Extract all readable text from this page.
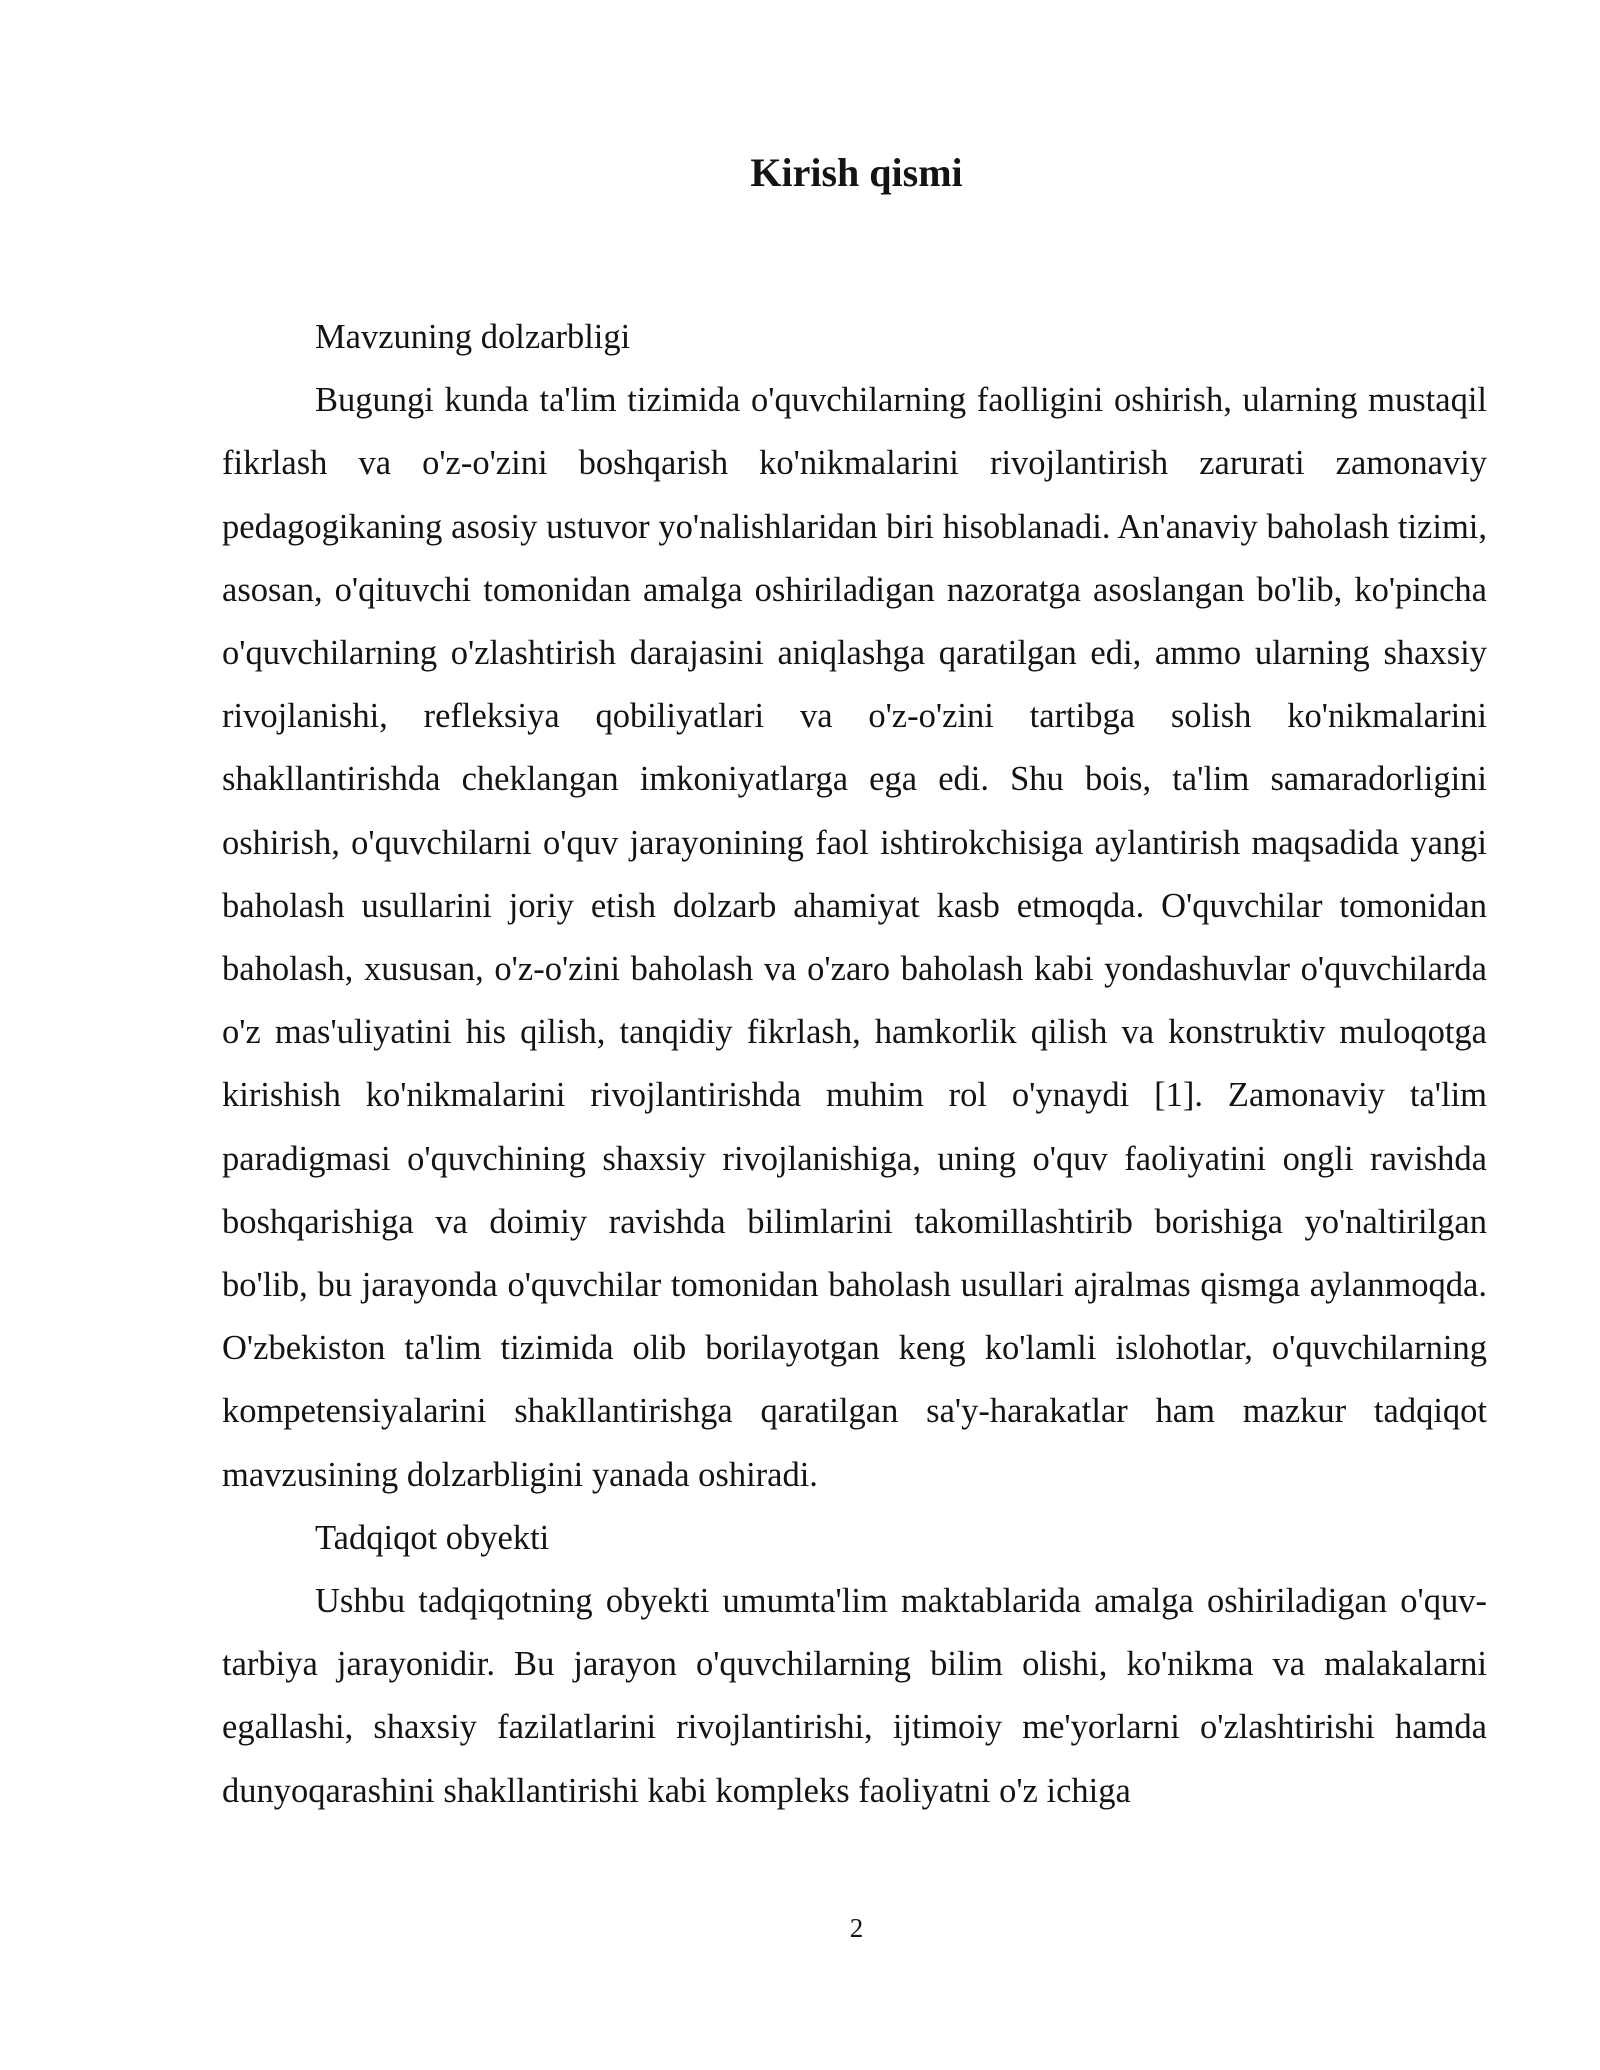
Kirish qismi

Mavzuning dolzarbligi

Bugungi kunda ta'lim tizimida o'quvchilarning faolligini oshirish, ularning mustaqil fikrlash va o'z-o'zini boshqarish ko'nikmalarini rivojlantirish zarurati zamonaviy pedagogikaning asosiy ustuvor yo'nalishlaridan biri hisoblanadi. An'anaviy baholash tizimi, asosan, o'qituvchi tomonidan amalga oshiriladigan nazoratga asoslangan bo'lib, ko'pincha o'quvchilarning o'zlashtirish darajasini aniqlashga qaratilgan edi, ammo ularning shaxsiy rivojlanishi, refleksiya qobiliyatlari va o'z-o'zini tartibga solish ko'nikmalarini shakllantirishda cheklangan imkoniyatlarga ega edi. Shu bois, ta'lim samaradorligini oshirish, o'quvchilarni o'quv jarayonining faol ishtirokchisiga aylantirish maqsadida yangi baholash usullarini joriy etish dolzarb ahamiyat kasb etmoqda. O'quvchilar tomonidan baholash, xususan, o'z-o'zini baholash va o'zaro baholash kabi yondashuvlar o'quvchilarda o'z mas'uliyatini his qilish, tanqidiy fikrlash, hamkorlik qilish va konstruktiv muloqotga kirishish ko'nikmalarini rivojlantirishda muhim rol o'ynaydi [1]. Zamonaviy ta'lim paradigmasi o'quvchining shaxsiy rivojlanishiga, uning o'quv faoliyatini ongli ravishda boshqarishiga va doimiy ravishda bilimlarini takomillashtirib borishiga yo'naltirilgan bo'lib, bu jarayonda o'quvchilar tomonidan baholash usullari ajralmas qismga aylanmoqda. O'zbekiston ta'lim tizimida olib borilayotgan keng ko'lamli islohotlar, o'quvchilarning kompetensiyalarini shakllantirishga qaratilgan sa'y-harakatlar ham mazkur tadqiqot mavzusining dolzarbligini yanada oshiradi.

Tadqiqot obyekti

Ushbu tadqiqotning obyekti umumta'lim maktablarida amalga oshiriladigan o'quv-tarbiya jarayonidir. Bu jarayon o'quvchilarning bilim olishi, ko'nikma va malakalarni egallashi, shaxsiy fazilatlarini rivojlantirishi, ijtimoiy me'yorlarni o'zlashtirishi hamda dunyoqarashini shakllantirishi kabi kompleks faoliyatni o'z ichiga

2
